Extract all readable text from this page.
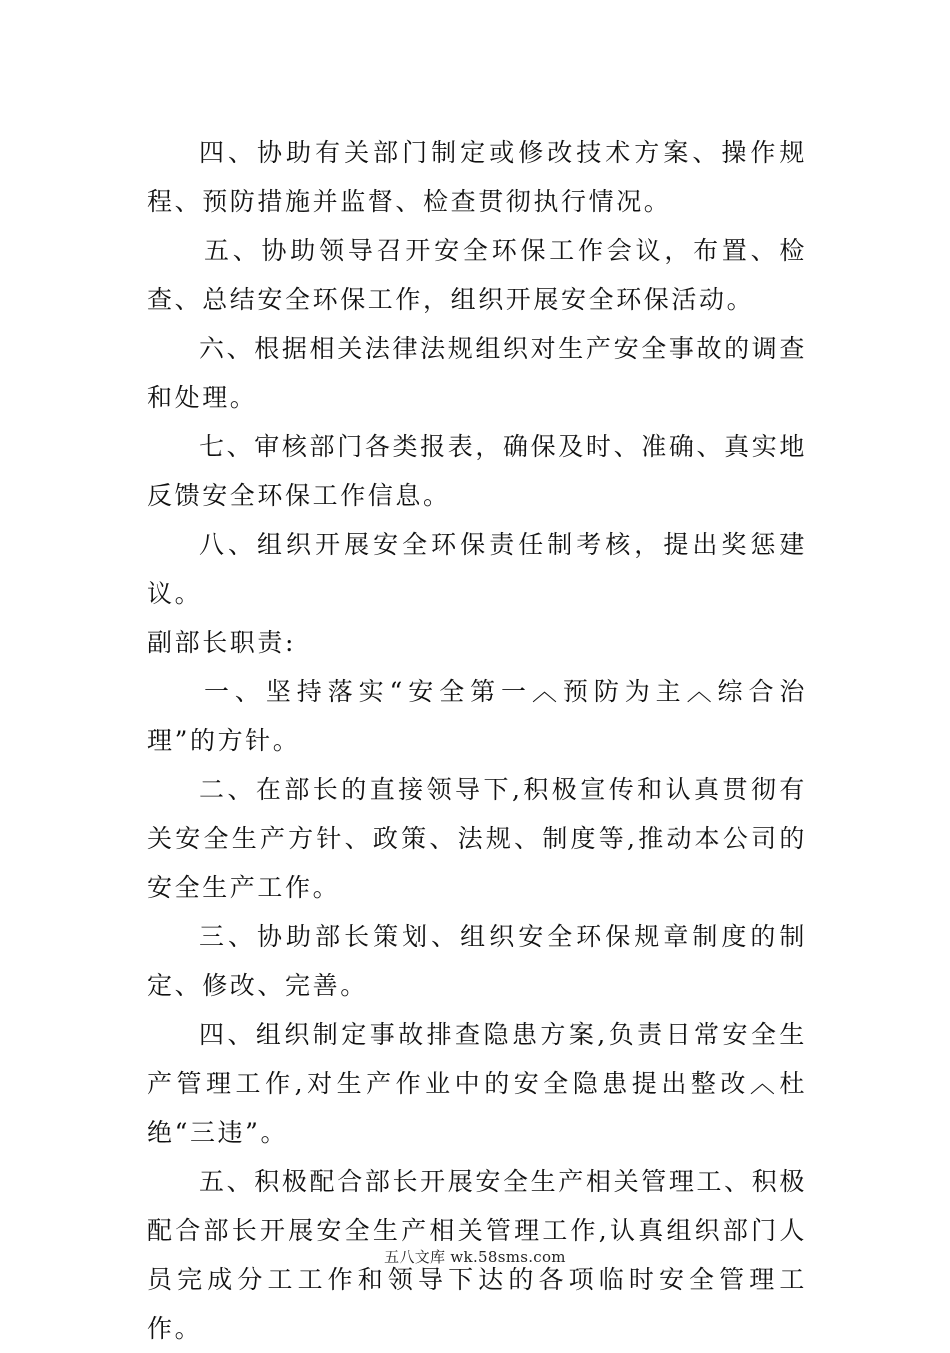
四、协助有关部门制定或修改技术方案、操作规程、预防措施并监督、检查贯彻执行情况。

五、协助领导召开安全环保工作会议，布置、检查、总结安全环保工作，组织开展安全环保活动。

六、根据相关法律法规组织对生产安全事故的调查和处理。

七、审核部门各类报表，确保及时、准确、真实地反馈安全环保工作信息。

八、组织开展安全环保责任制考核，提出奖惩建议。

副部长职责:

一、坚持落实“安全第一︿预防为主︿综合治理”的方针。

二、在部长的直接领导下,积极宣传和认真贯彻有关安全生产方针、政策、法规、制度等,推动本公司的安全生产工作。

三、协助部长策划、组织安全环保规章制度的制定、修改、完善。

四、组织制定事故排查隐患方案,负责日常安全生产管理工作,对生产作业中的安全隐患提出整改︿杜绝“三违”。

五、积极配合部长开展安全生产相关管理工、积极配合部长开展安全生产相关管理工作,认真组织部门人员完成分工工作和领导下达的各项临时安全管理工作。

五八文库 wk.58sms.com
